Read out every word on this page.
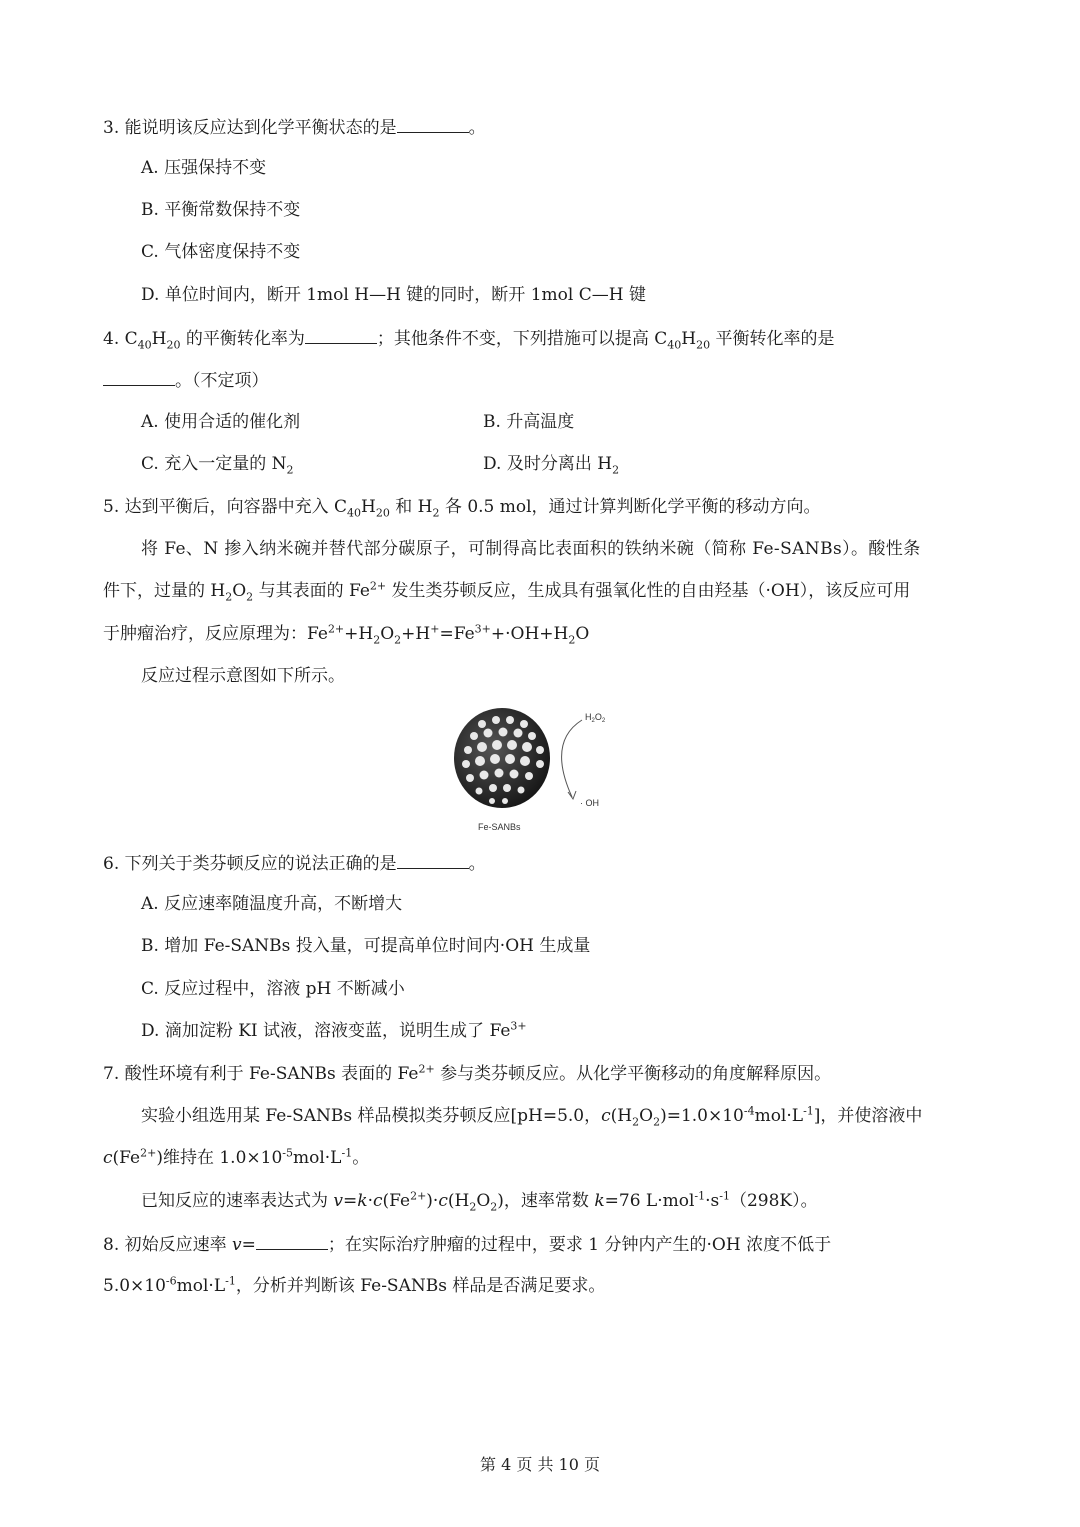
3. 能说明该反应达到化学平衡状态的是	。
A. 压强保持不变
B. 平衡常数保持不变
C. 气体密度保持不变
D. 单位时间内，断开 1mol H—H 键的同时，断开 1mol C—H 键
4. $C_{40}H_{20}$ 的平衡转化率为	；其他条件不变，下列措施可以提高 $C_{40}H_{20}$ 平衡转化率的是
。（不定项）
A. 使用合适的催化剂	B. 升高温度
C. 充入一定量的 $N_2$	D. 及时分离出 $H_2$
5. 达到平衡后，向容器中充入 $C_{40}H_{20}$ 和 $H_2$ 各 0.5 mol，通过计算判断化学平衡的移动方向。
将 Fe、N 掺入纳米碗并替代部分碳原子，可制得高比表面积的铁纳米碗（简称 Fe-SANBs）。酸性条
件下，过量的 $H_2O_2$ 与其表面的 $Fe^{2+}$ 发生类芬顿反应，生成具有强氧化性的自由羟基（·OH），该反应可用
于肿瘤治疗，反应原理为：$Fe^{2+}+H_2O_2+H^+=Fe^{3+}+\cdot OH+H_2O$
反应过程示意图如下所示。
$H_2O_2$
· OH
Fe-SANBs
6. 下列关于类芬顿反应的说法正确的是	。
A. 反应速率随温度升高，不断增大
B. 增加 Fe-SANBs 投入量，可提高单位时间内·OH 生成量
C. 反应过程中，溶液 pH 不断减小
D. 滴加淀粉 KI 试液，溶液变蓝，说明生成了 $Fe^{3+}$
7. 酸性环境有利于 Fe-SANBs 表面的 $Fe^{2+}$ 参与类芬顿反应。从化学平衡移动的角度解释原因。
实验小组选用某 Fe-SANBs 样品模拟类芬顿反应[pH=5.0，$c(H_2O_2)=1.0\times 10^{-4}mol\cdot L^{-1}$]，并使溶液中
$c(Fe^{2+})$维持在 $1.0\times 10^{-5}mol\cdot L^{-1}$。
已知反应的速率表达式为 $v=k\cdot c(Fe^{2+})\cdot c(H_2O_2)$，速率常数 k=76 $L\cdot mol^{-1}\cdot s^{-1}(298K)$。
8. 初始反应速率 v=	；在实际治疗肿瘤的过程中，要求 1 分钟内产生的·OH 浓度不低于
$5.0\times 10^{-6}mol\cdot L^{-1}$，分析并判断该 Fe-SANBs 样品是否满足要求。
第 4 页 共 10 页
